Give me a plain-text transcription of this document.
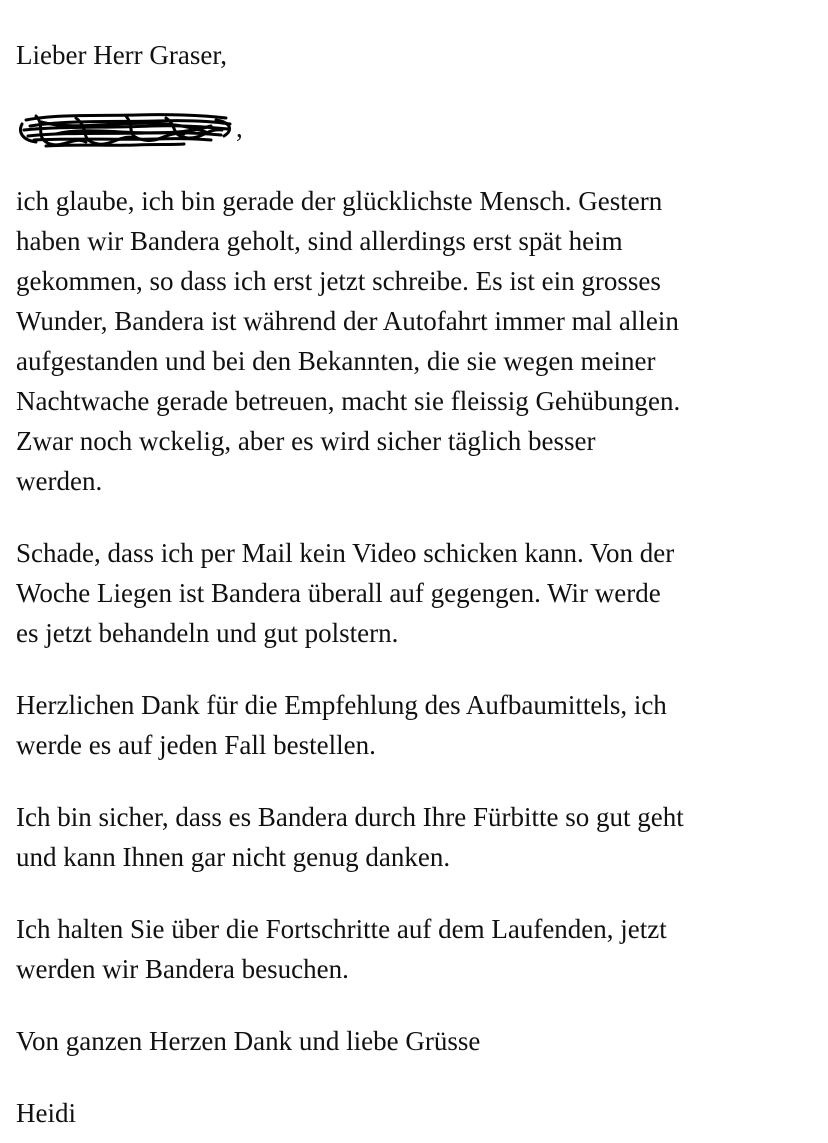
Lieber Herr Graser,

,

ich glaube, ich bin gerade der glücklichste Mensch. Gestern
haben wir Bandera geholt, sind allerdings erst spät heim
gekommen, so dass ich erst jetzt schreibe. Es ist ein grosses
Wunder, Bandera ist während der Autofahrt immer mal allein
aufgestanden und bei den Bekannten, die sie wegen meiner
Nachtwache gerade betreuen, macht sie fleissig Gehübungen.
Zwar noch wckelig, aber es wird sicher täglich besser
werden.

Schade, dass ich per Mail kein Video schicken kann. Von der
Woche Liegen ist Bandera überall auf gegengen. Wir werde
es jetzt behandeln und gut polstern.

Herzlichen Dank für die Empfehlung des Aufbaumittels, ich
werde es auf jeden Fall bestellen.

Ich bin sicher, dass es Bandera durch Ihre Fürbitte so gut geht
und kann Ihnen gar nicht genug danken.

Ich halten Sie über die Fortschritte auf dem Laufenden, jetzt
werden wir Bandera besuchen.

Von ganzen Herzen Dank und liebe Grüsse

Heidi
